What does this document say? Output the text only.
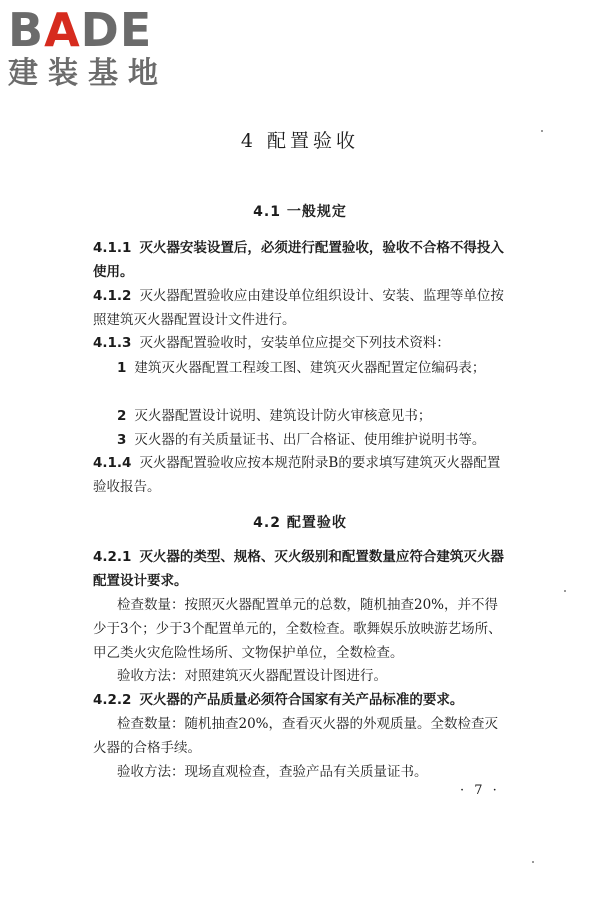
BADE
建装基地
4 配置验收
4.1 一般规定
4.1.1 灭火器安装设置后，必须进行配置验收，验收不合格不得投入使用。
4.1.2 灭火器配置验收应由建设单位组织设计、安装、监理等单位按照建筑灭火器配置设计文件进行。
4.1.3 灭火器配置验收时，安装单位应提交下列技术资料：
1 建筑灭火器配置工程竣工图、建筑灭火器配置定位编码表；
2 灭火器配置设计说明、建筑设计防火审核意见书；
3 灭火器的有关质量证书、出厂合格证、使用维护说明书等。
4.1.4 灭火器配置验收应按本规范附录B的要求填写建筑灭火器配置验收报告。
4.2 配置验收
4.2.1 灭火器的类型、规格、灭火级别和配置数量应符合建筑灭火器配置设计要求。
检查数量：按照灭火器配置单元的总数，随机抽查20%，并不得少于3个；少于3个配置单元的，全数检查。歌舞娱乐放映游艺场所、甲乙类火灾危险性场所、文物保护单位，全数检查。
验收方法：对照建筑灭火器配置设计图进行。
4.2.2 灭火器的产品质量必须符合国家有关产品标准的要求。
检查数量：随机抽查20%，查看灭火器的外观质量。全数检查灭火器的合格手续。
验收方法：现场直观检查，查验产品有关质量证书。
· 7 ·
